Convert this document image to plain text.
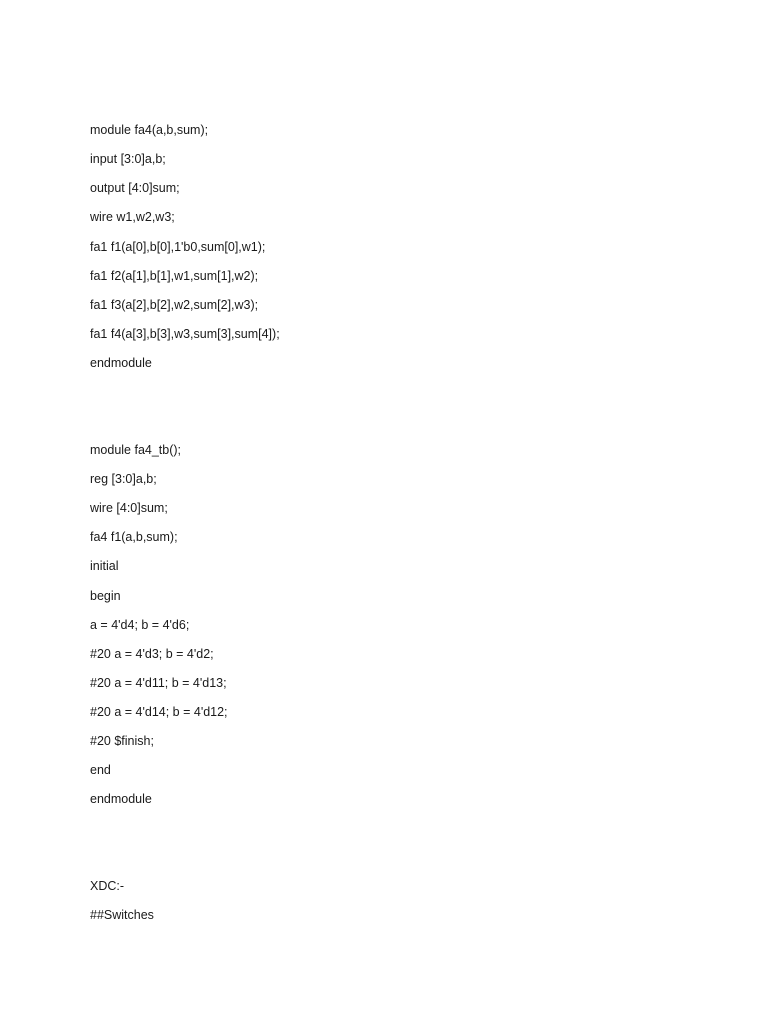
module fa4(a,b,sum);
input [3:0]a,b;
output [4:0]sum;
wire w1,w2,w3;
fa1 f1(a[0],b[0],1'b0,sum[0],w1);
fa1 f2(a[1],b[1],w1,sum[1],w2);
fa1 f3(a[2],b[2],w2,sum[2],w3);
fa1 f4(a[3],b[3],w3,sum[3],sum[4]);
endmodule
module fa4_tb();
reg [3:0]a,b;
wire [4:0]sum;
fa4 f1(a,b,sum);
initial
begin
a = 4'd4; b = 4'd6;
#20 a = 4'd3; b = 4'd2;
#20 a = 4'd11; b = 4'd13;
#20 a = 4'd14; b = 4'd12;
#20 $finish;
end
endmodule
XDC:-
##Switches
